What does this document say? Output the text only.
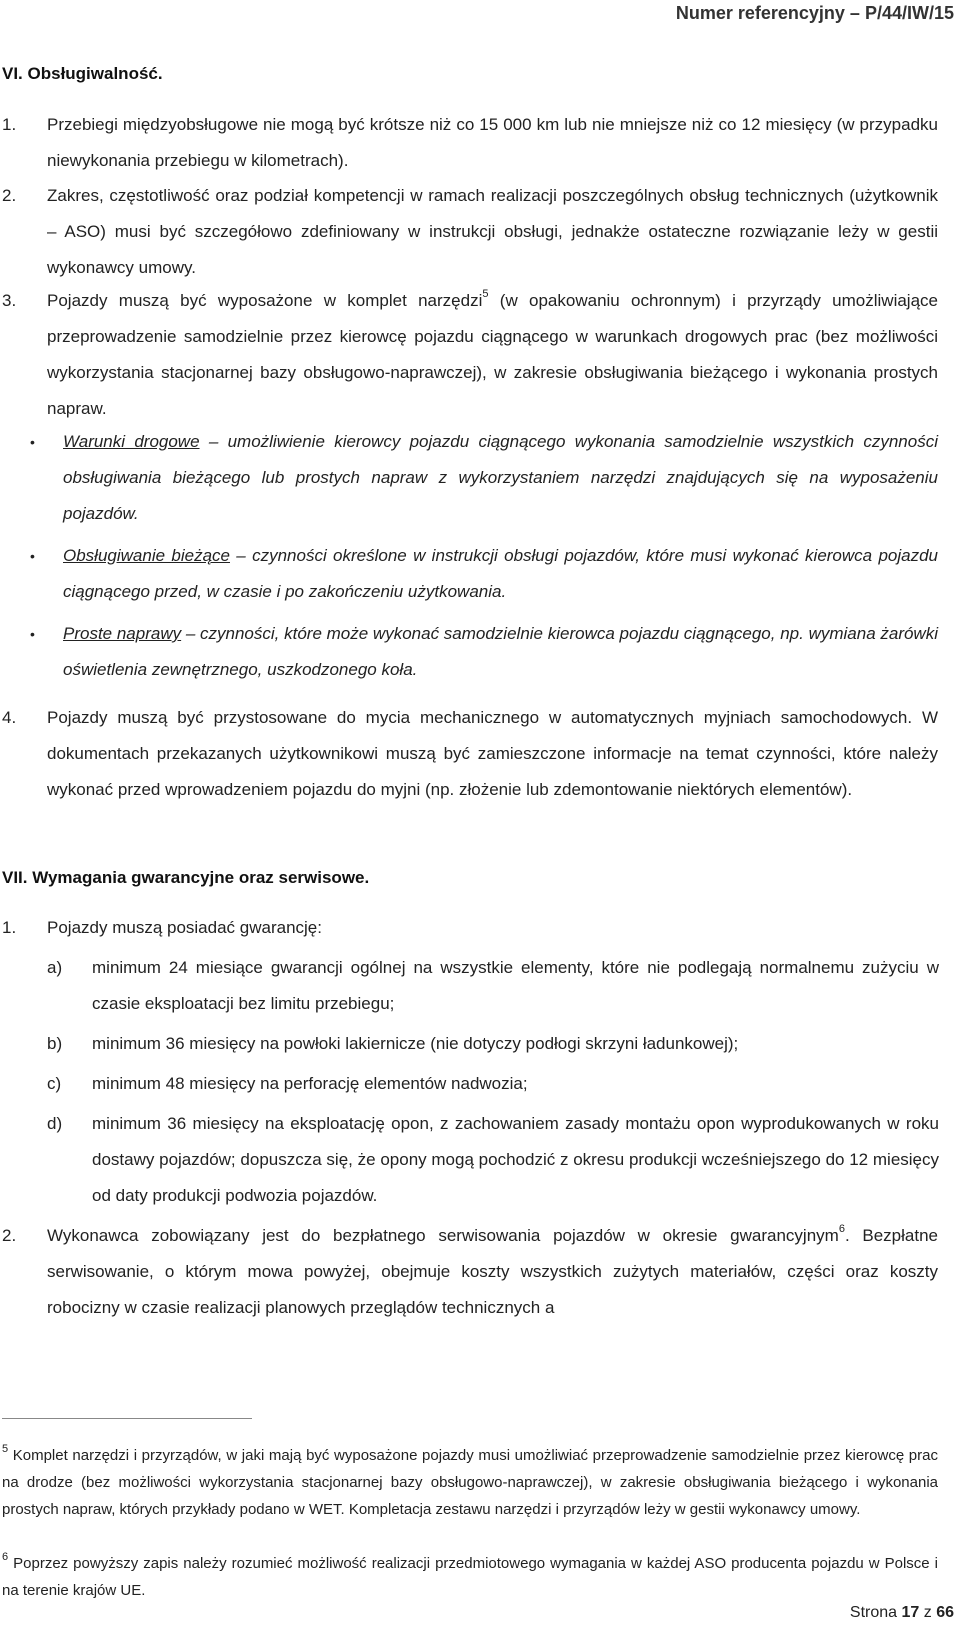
Numer referencyjny – P/44/IW/15
VI. Obsługiwalność.
1.	Przebiegi międzyobsługowe nie mogą być krótsze niż co 15 000 km lub nie mniejsze niż co 12 miesięcy (w przypadku niewykonania przebiegu w kilometrach).
2.	Zakres, częstotliwość oraz podział kompetencji w ramach realizacji poszczególnych obsług technicznych (użytkownik – ASO) musi być szczegółowo zdefiniowany w instrukcji obsługi, jednakże ostateczne rozwiązanie leży w gestii wykonawcy umowy.
3.	Pojazdy muszą być wyposażone w komplet narzędzi$^5$ (w opakowaniu ochronnym) i przyrządy umożliwiające przeprowadzenie samodzielnie przez kierowcę pojazdu ciągnącego w warunkach drogowych prac (bez możliwości wykorzystania stacjonarnej bazy obsługowo-naprawczej), w zakresie obsługiwania bieżącego i wykonania prostych napraw.
• Warunki drogowe – umożliwienie kierowcy pojazdu ciągnącego wykonania samodzielnie wszystkich czynności obsługiwania bieżącego lub prostych napraw z wykorzystaniem narzędzi znajdujących się na wyposażeniu pojazdów.
• Obsługiwanie bieżące – czynności określone w instrukcji obsługi pojazdów, które musi wykonać kierowca pojazdu ciągnącego przed, w czasie i po zakończeniu użytkowania.
• Proste naprawy – czynności, które może wykonać samodzielnie kierowca pojazdu ciągnącego, np. wymiana żarówki oświetlenia zewnętrznego, uszkodzonego koła.
4.	Pojazdy muszą być przystosowane do mycia mechanicznego w automatycznych myjniach samochodowych. W dokumentach przekazanych użytkownikowi muszą być zamieszczone informacje na temat czynności, które należy wykonać przed wprowadzeniem pojazdu do myjni (np. złożenie lub zdemontowanie niektórych elementów).
VII. Wymagania gwarancyjne oraz serwisowe.
1.	Pojazdy muszą posiadać gwarancję:
a) minimum 24 miesiące gwarancji ogólnej na wszystkie elementy, które nie podlegają normalnemu zużyciu w czasie eksploatacji bez limitu przebiegu;
b) minimum 36 miesięcy na powłoki lakiernicze (nie dotyczy podłogi skrzyni ładunkowej);
c) minimum 48 miesięcy na perforację elementów nadwozia;
d) minimum 36 miesięcy na eksploatację opon, z zachowaniem zasady montażu opon wyprodukowanych w roku dostawy pojazdów; dopuszcza się, że opony mogą pochodzić z okresu produkcji wcześniejszego do 12 miesięcy od daty produkcji podwozia pojazdów.
2.	Wykonawca zobowiązany jest do bezpłatnego serwisowania pojazdów w okresie gwarancyjnym$^6$. Bezpłatne serwisowanie, o którym mowa powyżej, obejmuje koszty wszystkich zużytych materiałów, części oraz koszty robocizny w czasie realizacji planowych przeglądów technicznych a
$^5$ Komplet narzędzi i przyrządów, w jaki mają być wyposażone pojazdy musi umożliwiać przeprowadzenie samodzielnie przez kierowcę prac na drodze (bez możliwości wykorzystania stacjonarnej bazy obsługowo-naprawczej), w zakresie obsługiwania bieżącego i wykonania prostych napraw, których przykłady podano w WET. Kompletacja zestawu narzędzi i przyrządów leży w gestii wykonawcy umowy.
$^6$ Poprzez powyższy zapis należy rozumieć możliwość realizacji przedmiotowego wymagania w każdej ASO producenta pojazdu w Polsce i na terenie krajów UE.
Strona 17 z 66
